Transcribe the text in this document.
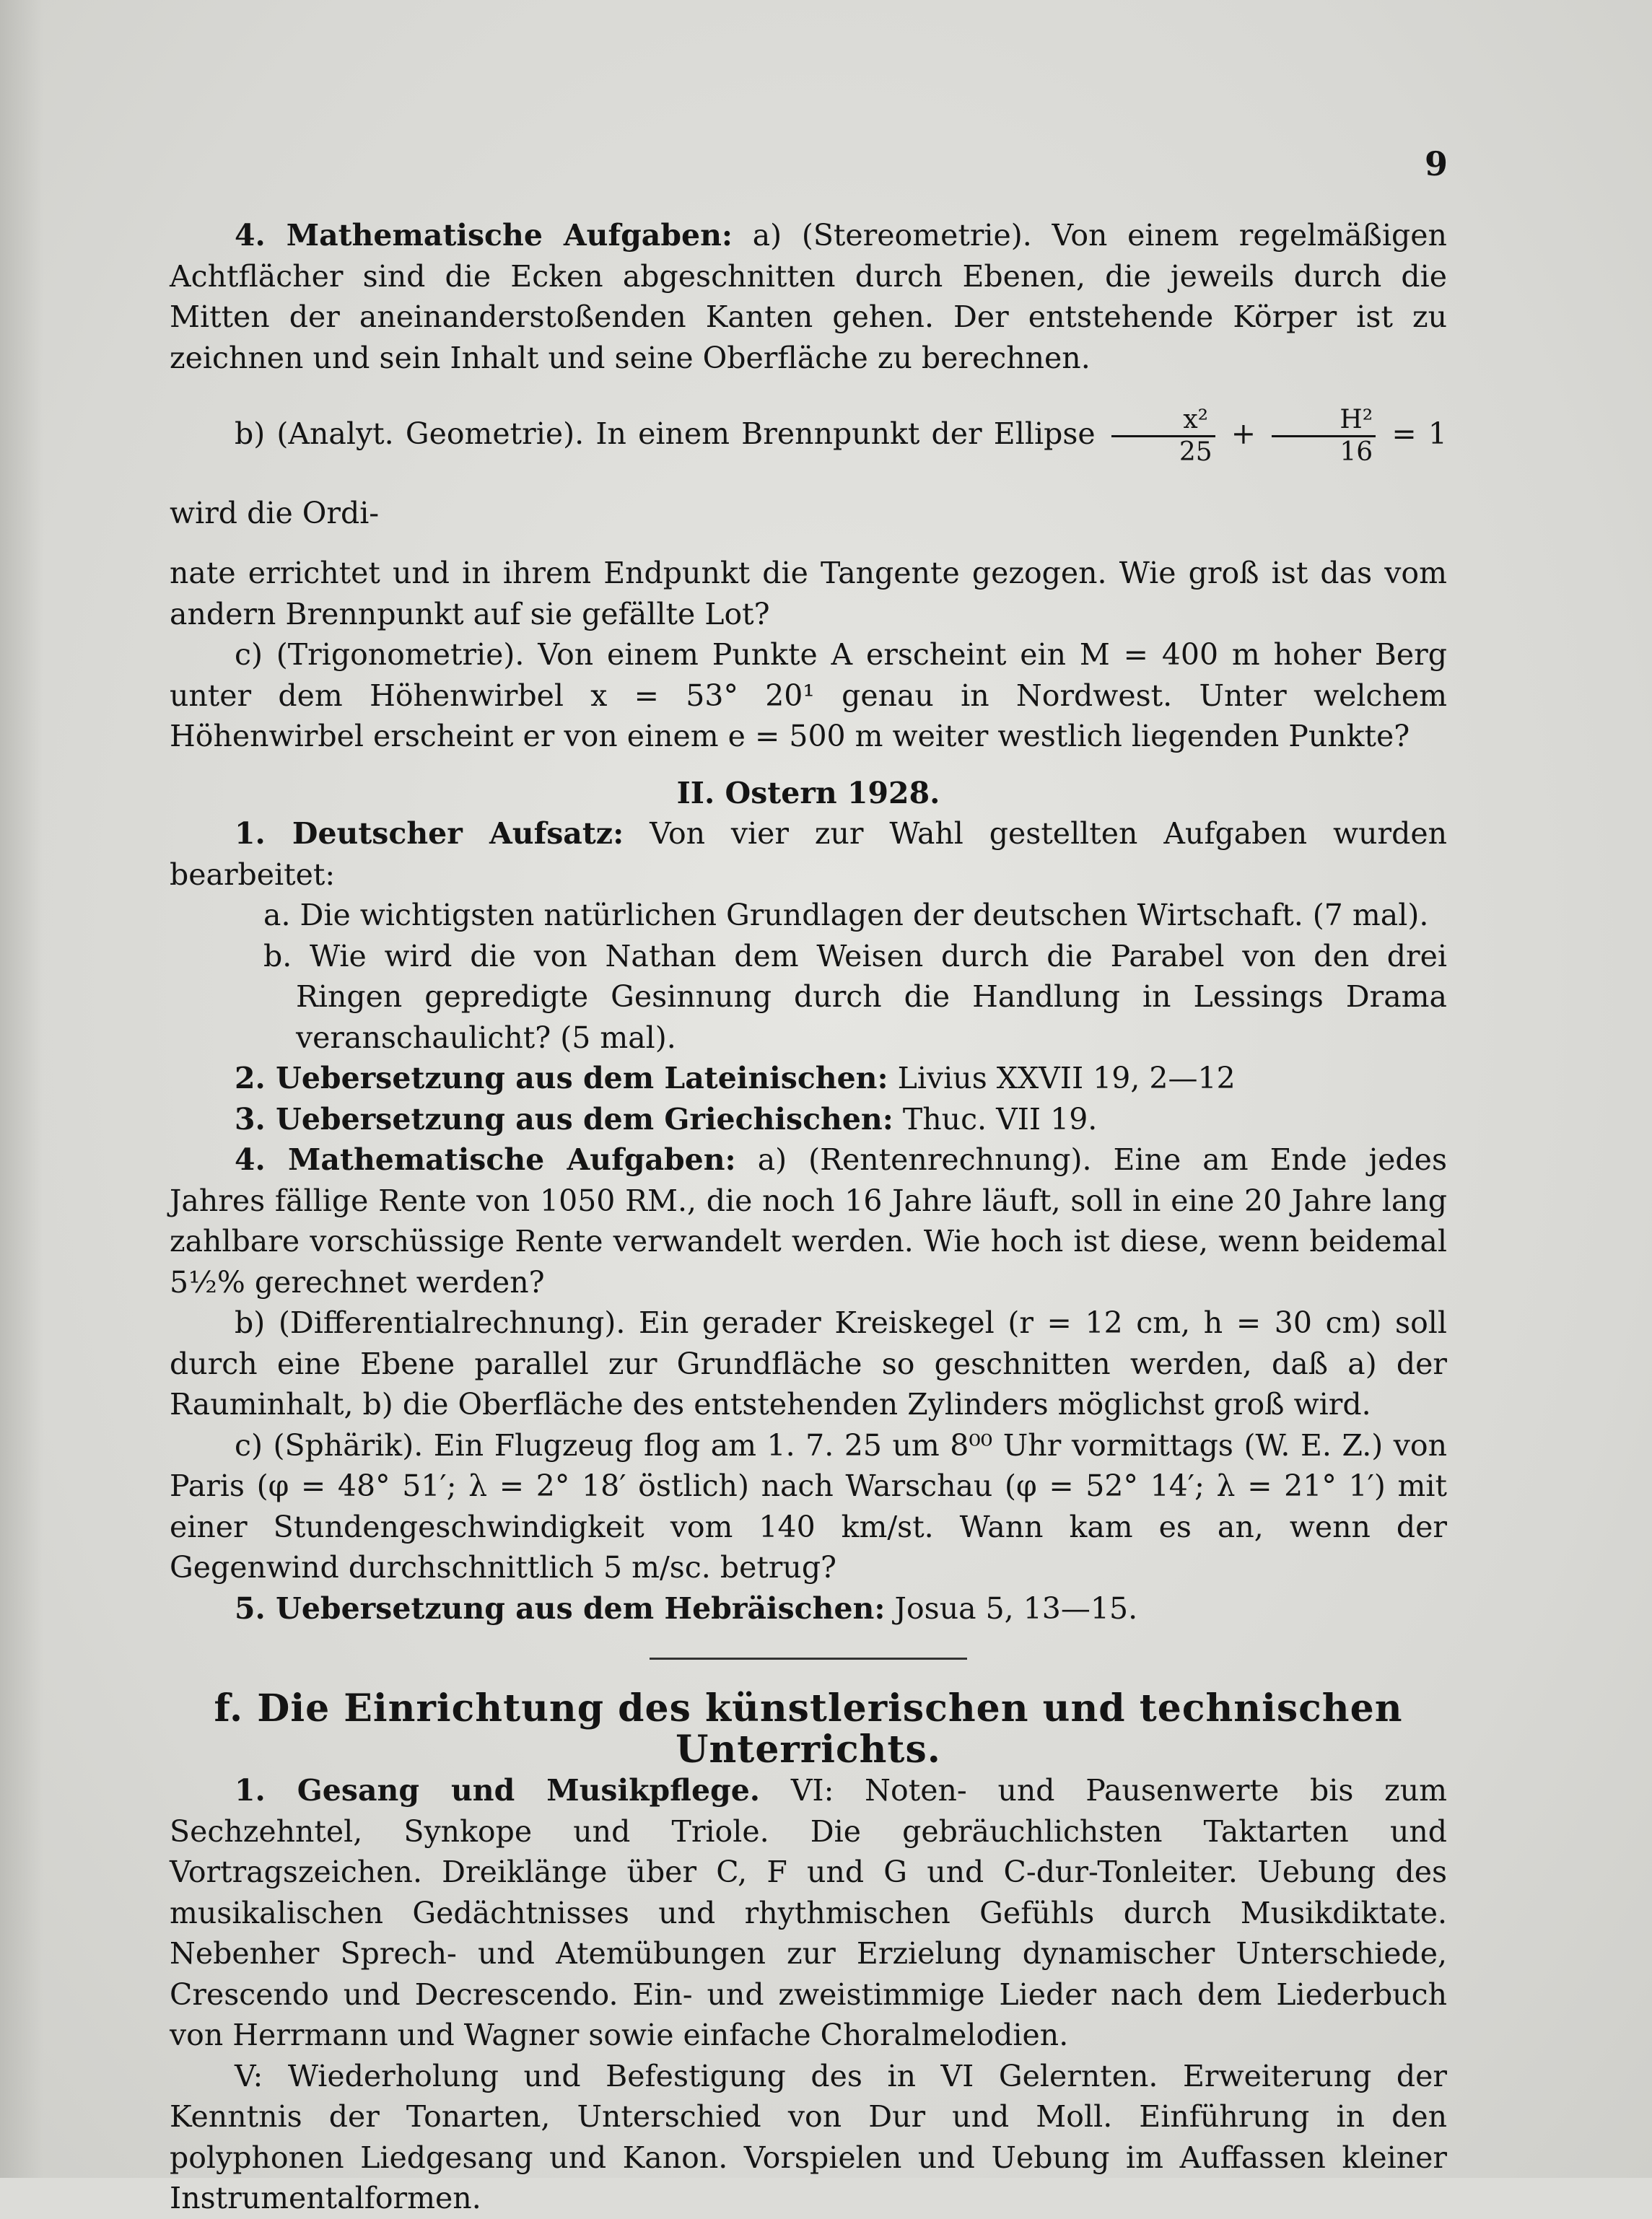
9

4. Mathematische Aufgaben: a) (Stereometrie). Von einem regelmäßigen Achtflächer sind die Ecken abgeschnitten durch Ebenen, die jeweils durch die Mitten der aneinanderstoßenden Kanten gehen. Der entstehende Körper ist zu zeichnen und sein Inhalt und seine Oberfläche zu berechnen.

b) (Analyt. Geometrie). In einem Brennpunkt der Ellipse $\frac{\text{x²}}{25} + \frac{\text{H²}}{16} = 1$ wird die Ordi-

nate errichtet und in ihrem Endpunkt die Tangente gezogen. Wie groß ist das vom andern Brennpunkt auf sie gefällte Lot?

c) (Trigonometrie). Von einem Punkte A erscheint ein M = 400 m hoher Berg unter dem Höhenwirbel x = 53° 20¹ genau in Nordwest. Unter welchem Höhenwirbel erscheint er von einem e = 500 m weiter westlich liegenden Punkte?

II. Ostern 1928.

1. Deutscher Aufsatz: Von vier zur Wahl gestellten Aufgaben wurden bearbeitet:

a. Die wichtigsten natürlichen Grundlagen der deutschen Wirtschaft. (7 mal).

b. Wie wird die von Nathan dem Weisen durch die Parabel von den drei Ringen gepredigte Gesinnung durch die Handlung in Lessings Drama veranschaulicht? (5 mal).

2. Uebersetzung aus dem Lateinischen: Livius XXVII 19, 2—12

3. Uebersetzung aus dem Griechischen: Thuc. VII 19.

4. Mathematische Aufgaben: a) (Rentenrechnung). Eine am Ende jedes Jahres fällige Rente von 1050 RM., die noch 16 Jahre läuft, soll in eine 20 Jahre lang zahlbare vorschüssige Rente verwandelt werden. Wie hoch ist diese, wenn beidemal 5½% gerechnet werden?

b) (Differentialrechnung). Ein gerader Kreiskegel (r = 12 cm, h = 30 cm) soll durch eine Ebene parallel zur Grundfläche so geschnitten werden, daß a) der Rauminhalt, b) die Oberfläche des entstehenden Zylinders möglichst groß wird.

c) (Sphärik). Ein Flugzeug flog am 1. 7. 25 um 8⁰⁰ Uhr vormittags (W. E. Z.) von Paris (φ = 48° 51′; λ = 2° 18′ östlich) nach Warschau (φ = 52° 14′; λ = 21° 1′) mit einer Stundengeschwindigkeit vom 140 km/st. Wann kam es an, wenn der Gegenwind durchschnittlich 5 m/sc. betrug?

5. Uebersetzung aus dem Hebräischen: Josua 5, 13—15.

f. Die Einrichtung des künstlerischen und technischen Unterrichts.

1. Gesang und Musikpflege. VI: Noten- und Pausenwerte bis zum Sechzehntel, Synkope und Triole. Die gebräuchlichsten Taktarten und Vortragszeichen. Dreiklänge über C, F und G und C-dur-Tonleiter. Uebung des musikalischen Gedächtnisses und rhythmischen Gefühls durch Musikdiktate. Nebenher Sprech- und Atemübungen zur Erzielung dynamischer Unterschiede, Crescendo und Decrescendo. Ein- und zweistimmige Lieder nach dem Liederbuch von Herrmann und Wagner sowie einfache Choralmelodien.

V: Wiederholung und Befestigung des in VI Gelernten. Erweiterung der Kenntnis der Tonarten, Unterschied von Dur und Moll. Einführung in den polyphonen Liedgesang und Kanon. Vorspielen und Uebung im Auffassen kleiner Instrumentalformen.
